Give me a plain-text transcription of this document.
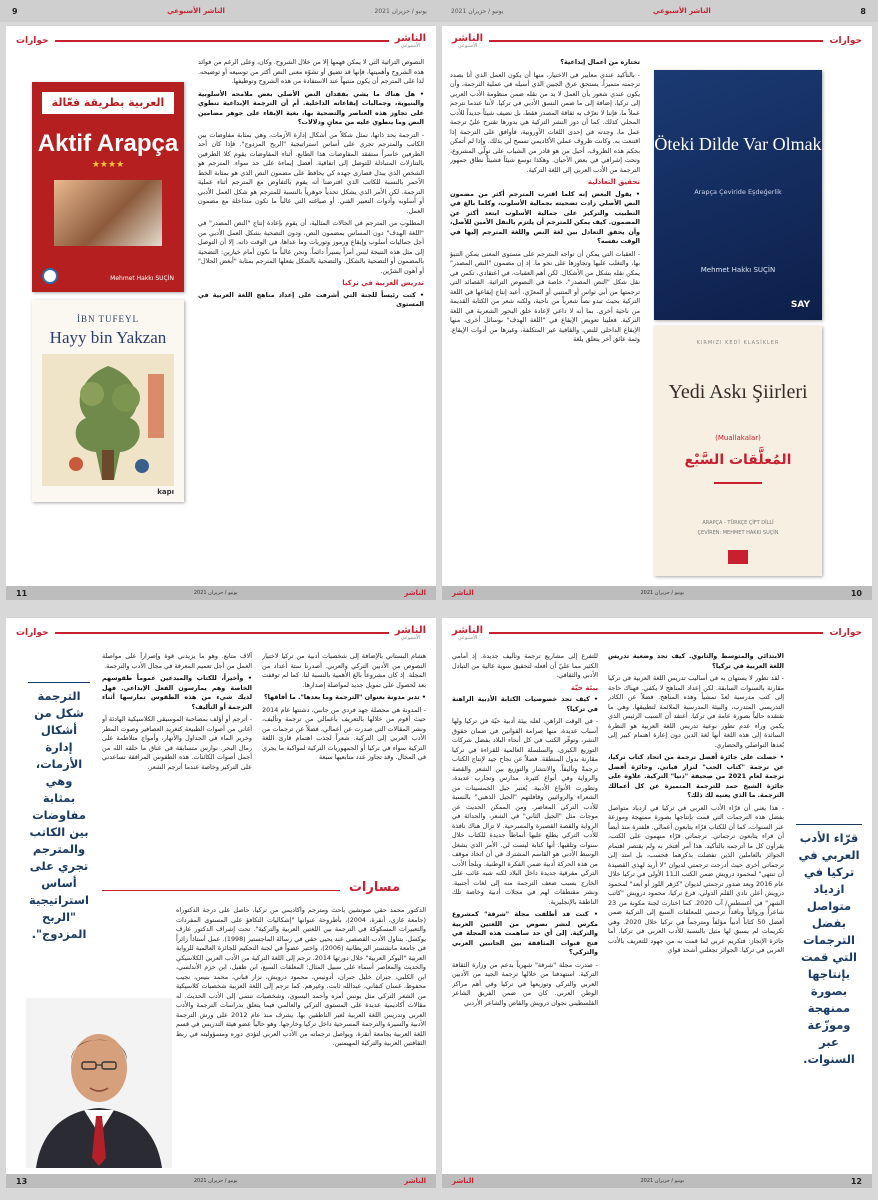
9	الناشر الأسبوعي	يونيو / حزيران 2021	يونيو / حزيران 2021	الناشر الأسبوعي	8
حوارات	الناشر
الأسبوعي
العربية بطريقة فعّالة
Aktif Arapça
★★★★
Mehmet Hakkı SUÇİN
İBN TUFEYL
Hayy bin Yakzan
kapı

النصوص التراثية التي لا يمكن فهمها إلا من خلال الشروح. وكان، وعلى الرغم من فوائد هذه الشروح وأهميتها، فإنها قد تضيق أو تشوّه معنى النص أكثر من توسيعه أو توضيحه. لذا على المترجم أن يكون منتبهاً عند الاستفادة من هذه الشروح وتوظيفها.

• هل هناك ما يشي بفقدان النص الأصلي بعض ملامحه الأسلوبية والبنيوية، وجماليات إيقاعاته الداخلية. أم أن الترجمة الإبداعية تنطوي على تجاوز هذه العناصر والتضحية بها، بغية الإبقاء على جوهر مضامين النص وما ينطوي عليه من معانٍ ودلالات؟

- الترجمة بحد ذاتها، تمثل شكلاً من أشكال إدارة الأزمات، وهي بمثابة مفاوضات بين الكاتب والمترجم تجري على أساس استراتيجية "الربح المزدوج". فإذا كان أحد الطرفين خاسراً ستفقد المفاوضات هذا الطابع. أثناء المفاوضات يقوم كلا الطرفين بالتنازلات المتبادلة للتوصل إلى اتفاقية. أفضل إيماءة على حد سواء. المترجم هو الشخص الذي يبذل قصارى جهده كي يحافظ على مضمون النص الذي هو بمثابة الخط الأحمر بالنسبة للكاتب الذي افترضنا أنه يقوم بالتفاوض مع المترجم أثناء عملية الترجمة. لكن الأمر الذي يشكل تحدياً جوهرياً بالنسبة للمترجم هو شكل العمل الأدبي أو أسلوبه وأدوات التعبير الفني. أو صياغته التي غالباً ما تكون متداخلة مع مضمون العمل.

المطلوب من المترجم في الحالات المثالية، أن يقوم بإعادة إنتاج "النص المصدر" في "اللغة الهدف" دون المساس بمضمون النص، ودون التضحية بشكل العمل الأدبي من أجل جماليات أسلوب وإيقاع ورموز وتوريات وما عداها، في الوقت ذاته. إلا أن التوصل إلى مثل هذه النتيجة ليس أمراً يسيراً دائماً. ونحن غالباً ما نكون أمام خيارين: التضحية بالمضمون أو التضحية بالشكل. والتضحية بالشكل يفعلها المترجم بمثابة "أبغض الحلال" أو أهون الشرّين.

تدريس العربية في تركيا

• كنت رئيساً للجنة التي أشرفت على إعداد مناهج اللغة العربية في المستوى

11	يونيو / حزيران 2021	الناشر
الناشر
الأسبوعي	حوارات

تختاره من أعمال إبداعية؟

- بالتأكيد عندي معايير في الاختيار، منها أن يكون العمل الذي أنا بصدد ترجمته متميزاً، يستحق عرق الجبين الذي أسيله في عملية الترجمة، وأن يكون عندي شعور بأن العمل لا بد من نقله ضمن منظومة الأدب العربي إلى تركيا، إضافة إلى ما ضمن النسق الأدبي في تركيا. لأننا عندما نترجم عملاً ما، فإننا لا نعرّف به ثقافة المصدر فقط، بل نضيف شيئاً جديداً للأدب المحلي كذلك. كما أن دور النشر التركية هي بدورها تقترح عليّ ترجمة عمل ما، وجدته في إحدى اللغات الأوروبية، فأوافق على الترجمة إذا اقتنعت به. وكانت ظروف عملي الأكاديمي تسمح لي بذلك. وإذا لم أتمكن بحكم هذه الظروف، أحيل من هو قادر من الشباب على تولّي المشروع، وتحت إشرافي في بعض الأحيان. وهكذا توسع شيئاً فشيئاً نطاق جمهور الترجمة من الأدب العربي إلى اللغة التركية.

تحقيق التعادلية

• يقول البعض إنه كلما اقترب المترجم أكثر من مضمون النص الأصلي زادت تضحيته بجمالية الأسلوب، وكلما بالغ في التطبيب والتركيز على جمالية الأسلوب ابتعد أكثر عن المضمون. كيف يمكن للمترجم أن يلتزم بالنقل الأمين للأصل، وأن يحقق التعادل بين لغة النص واللغة المترجم إليها في الوقت نفسه؟

- العقبات التي يمكن أن تواجه المترجم على مستوى المعنى يمكن التنبؤ بها، والتغلب عليها وتجاوزها على نحو ما. إذ إن مضمون "النص المصدر" يمكن نقله بشكل من الأشكال. لكن أهم العقبات، في اعتقادي، تكمن في نقل شكل "النص المصدر"، خاصة في النصوص التراثية. القصائد التي ترجمتها من أبي نواس أو المتنبي أو المعرّي، أعيد إنتاج إيقاعها في اللغة التركية بحيث تبدو نصاً شعرياً من ناحية، ولكنه شعر من الكتابة القديمة من ناحية أخرى. بما أنه لا داعي لإعادة خلق البحور الشعرية في اللغة التركية. فعلينا تعويض الإيقاع في "اللغة الهدف" بوسائل أخرى، منها الإيقاع الداخلي للنص، والقافية غير المتكلفة، وغيرها من أدوات الإيقاع. وثمة عائق آخر يتعلق بلغة

Öteki Dilde Var Olmak
Arapça Çeviride Eşdeğerlik
Mehmet Hakkı SUÇİN
SAY
KIRMIZI KEDİ KLASİKLER
Yedi Askı Şiirleri
(Muallakalar)
المُعلَّقات السَّبْع
ARAPÇA - TÜRKÇE ÇİFT DİLLİ
ÇEVİREN: MEHMET HAKKI SUÇİN
الناشر	يونيو / حزيران 2021	10
حوارات	الناشر
الأسبوعي
الترجمة شكل من أشكال إدارة الأزمات، وهي بمثابة مفاوضات بين الكاتب والمترجم تجري على أساس استراتيجية "الربح المزدوج".

آلاف متابع. وهو ما يزيدني قوة وإصراراً على مواصلة العمل من أجل تعميم المعرفة في مجال الأدب والترجمة.

• وأخيراً، للكتاب والمبدعين عموماً طقوسهم الخاصة وهم يمارسون الفعل الإبداعي. فهل لديك شيء من هذه الطقوس تمارسها أثناء الترجمة أو التأليف؟

- أترجم أو أؤلف بمصاحبة الموسيقى الكلاسيكية الهادئة أو أغاني من أصوات الطبيعة كتغريد العصافير وصوت المطر وخرير الماء في الجداول والأنهار، وأمواج متلاطمة على رمال البحر. نوارس متسابقة في عناق ما خلقه الله من أجمل أصوات الكائنات. هذه الطقوس المرافقة تساعدني على التركيز وخاصة عندما أترجم الشعر.

هشام البستاني بالإضافة إلى شخصيات أدبية من تركيا لاختيار النصوص من الأدبين التركي والعربي. أصدرنا ستة أعداد من المجلة. إذ كان مشروعاً بالغ الأهمية بالنسبة لنا. كما لم توقفت بعد لحصول على تمويل جديد لمواصلة إصدارها.

• تدير مدونة بعنوان "الترجمة وما بعدها". ما أفاقها؟

- المدونة هي محصلة جهد فردي من جانبي، دشنتها عام 2014 حيث أقوم من خلالها بالتعريف بأعمالي من ترجمة وتأليف، ونشر المقالات التي صدرت عن أعمالي، فضلاً عن ترجمات من الأدب العربي إلى التركية. شعراً لجذب اهتمام قارئ اللغة التركية سواء في تركيا أو الجمهوريات التركية لمواكبة ما يجري في المجال. وقد تجاوز عدد متابعيها سبعة

مسارات

الدكتور محمد حقي صوتشين باحث ومترجم وأكاديمي من تركيا، حاصل على درجة الدكتوراه (جامعة غازي، أنقرة، 2004)، بأطروحة عنوانها "إشكاليات التكافؤ على المستوى المفردات والتعبيرات المسكوكة في الترجمة بين اللغتين العربية والتركية". تحت إشراف الدكتور عارف يوكسل. يتناول الأدب القصصي عند يحيى حقي في رسالة الماجستير (1998). عمل أستاذاً زائراً في جامعة مانشستر البريطانية (2006)، واختير عضواً في لجنة التحكيم للجائزة العالمية للرواية العربية "البوكر العربية" خلال دورتها 2014. ترجم إلى اللغة التركية من الأدب العربي الكلاسيكي والحديث والمعاصر أسماء على سبيل المثال: المعلقات السبع، ابن طفيل، ابن حزم الأندلسي، ابن الكلبي، جبران خليل جبران، أدونيس، محمود درويش، نزار قباني، محمد بنيس، نجيب محفوظ، غسان كنفاني، عبدالله ثابت، وغيرهم. كما ترجم إلى اللغة العربية شخصيات كلاسيكية من الشعر التركي مثل يونس أمره وأحمد اليسوي، وشخصيات تنتمي إلى الأدب الحديث. له مقالات أكاديمية عديدة على المستوى التركي والعالمي فيما يتعلق بدراسات الترجمة والأدب العربي وتدريس اللغة العربية لغير الناطقين بها. يشرف منذ عام 2012 على ورش الترجمة الأدبية والسيرة والترجمة المسرحية داخل تركيا وخارجها. وهو حالياً عضو هيئة التدريس في قسم اللغة العربية بجامعة أنقرة. ويواصل ترجماته من الأدب العربي لتؤدي دوره ومسؤوليته في ربط الثقافتين العربية والتركية المهيمنين.

13	يونيو / حزيران 2021	الناشر
الناشر
الأسبوعي	حوارات

للتفرغ إلى مشاريع ترجمة وتأليف جديدة. إذ أمامي الكثير مما عليّ أن أفعله لتحقيق سوية عالية من التبادل الأدبي والثقافي.

بيئة حيّة

• كيف تجد خصوصيات الكتابة الأدبية الراهنة في تركيا؟

- في الوقت الراهن، لعله بيئة أدبية حيّة في تركيا ولها أسباب عديدة، منها صرامة القوانين في ضمان حقوق النشر، وتوفّر الكتب في كل أنحاء البلاد بفضل شركات التوزيع الكبرى، والسلسلة العالمية للقراءة في تركيا مقارنة بدول المنطقة. فضلاً عن نجاح جيد لإنتاج الكتاب ترجمةً وتأليفاً. والانتشار والتوزيع بين الشعر والقصة والرواية وفي أنواع كثيرة. مدارس وتجارب عديدة، وتطورت الأنواع الأدبية. يُعتبر جيل الخمسينات من الشعراء والروائيين وقافلتهم "الجيل الذهبي" بالنسبة للأدب التركي المعاصر. ومن الممكن الحديث عن موجات مثل "الجيل الثاني" في الشعر، والحداثة في الرواية والقصة القصيرة والمسرحية. لا تزال هناك نافذة للأدب التركي يطلع عليها أنماطاً جديدة للكتاب خلال سنوات وتلقيها. أنها كتابة ليست لي. الأمر الذي يشغل الوسط الأدبي هو القاسم المشترك في أن اتخاذ موقف من هذه الحركة أدبية ضمن الفكرة الوطنية. ويلجأ الأدب التركي مفرقية جديدة داخل البلاد لكنه شبه غائب على الخارج بسبب ضعف الترجمة منه إلى لغات أجنبية. ونشر مقتطفات لهم في مجلات أدبية وخاصة تلك الناطقة بالإنجليزية.

• كنت قد أطلقت مجلة "شرفة" كمشروع مكرس لنشر نصوص من اللغتين العربية والتركية. إلى أي حد ساهمت هذه المجلة في فتح قنوات المثاقفة بين الجانبين العربي والتركي؟

- صدرت مجلة "شرفة" شهرياً بدعم من وزارة الثقافة التركية. استهدفنا من خلالها ترجمة الجيد من الأدبين العربي والتركي وتوزيعها في تركيا وفي أهم مراكز الوطن العربي. كان من ضمن الفريق الشاعر الفلسطيني نجوان درويش والقاص والشاعر الأردني

الابتدائي والمتوسط والثانوي. كيف تجد وضعية تدريس اللغة العربية في تركيا؟

- لقد تطور لا يستهان به في أساليب تدريس اللغة العربية في تركيا مقارنة بالسنوات السابقة. لكن إعداد المناهج لا يكفي. فهناك حاجة إلى كتب مدرسية تُعدّ تمشياً وهذه المناهج. فضلاً عن الكادر التدريسي المتدرب، والبيئة المدرسية الملائمة لتطبيقها. وهي ما تفتقده حالياً بصورة عامة في تركيا. أعتقد أن السبب الرئيس الذي يكمن وراء عدم تطور نوعية تدريس اللغة العربية هو النظرة السائدة إلى هذه اللغة أنها لغة الدين دون إعارة اهتمام كبير إلى بُعدها التواصلي والحضاري.

• حصلت على جائزة أفضل ترجمة من اتحاد كتاب تركيا، عن ترجمة "كتاب الحب" لنزار قباني. وجائزة أفضل ترجمة لعام 2021 من صحيفة "دنيا" التركية. علاوة على جائزة الشيخ حمد للترجمة المتميزة عن كل أعمالك الترجمة. ما الذي يعنيه لك ذلك؟

- هذا يعني أن قرّاء الأدب العربي في تركيا في ازدياد متواصل بفضل هذه الترجمات التي قمت بإنتاجها بصورة ممنهجة وموزعة عبر السنوات، كما أن للكتاب قرّاء يتابعون أعمالي. فلفترة منذ أيضاً أن قراء يتابعون ترجماتي. ترجماتي قرّاء منهمون على الكتب، يقرأون كل ما أترجمه بالتأكيد. هذا أمر أفتخر به ولم يقتصر اهتمام الجوائز بالعاملين الذين تفضلت بذكرهما فحسب، بل امتد إلى ترجماتي أخرى حيث أدرجت ترجمتي لديوان "لا أريد لهذي القصيدة أن تنتهي" لمحمود درويش ضمن الكتب الـ11 الأولى في تركيا خلال عام 2016 وبعد صدور ترجمتي لديوان "كزهر اللوز أو أبعد" لمحمود درويش أعلن نادي القلم الدولي، فرع تركيا، محمود درويش "كاتب الشهر" في أغسطس/ آب 2020. كما اختارت لجنة مكونة من 23 شاعراً وروائياً وناقداً ترجمتي للمعلقات السبع إلى التركية ضمن أفضل 50 كتاباً أدبياً مؤلفاً ومترجماً في تركيا خلال 2020. وهي تكريمات لم يسبق لها مثيل بالنسبة للأدب العربي في تركيا. أما جائزة الإنجاز: فتكريم عربي لما قمت به من جهود للتعريف بالأدب العربي في تركيا. الجوائز تجعلني أشحذ قواي

قرّاء الأدب العربي في تركيا في ازدياد متواصل بفضل الترجمات التي قمت بإنتاجها بصورة ممنهجة وموزّعة عبر السنوات.
الناشر	يونيو / حزيران 2021	12
